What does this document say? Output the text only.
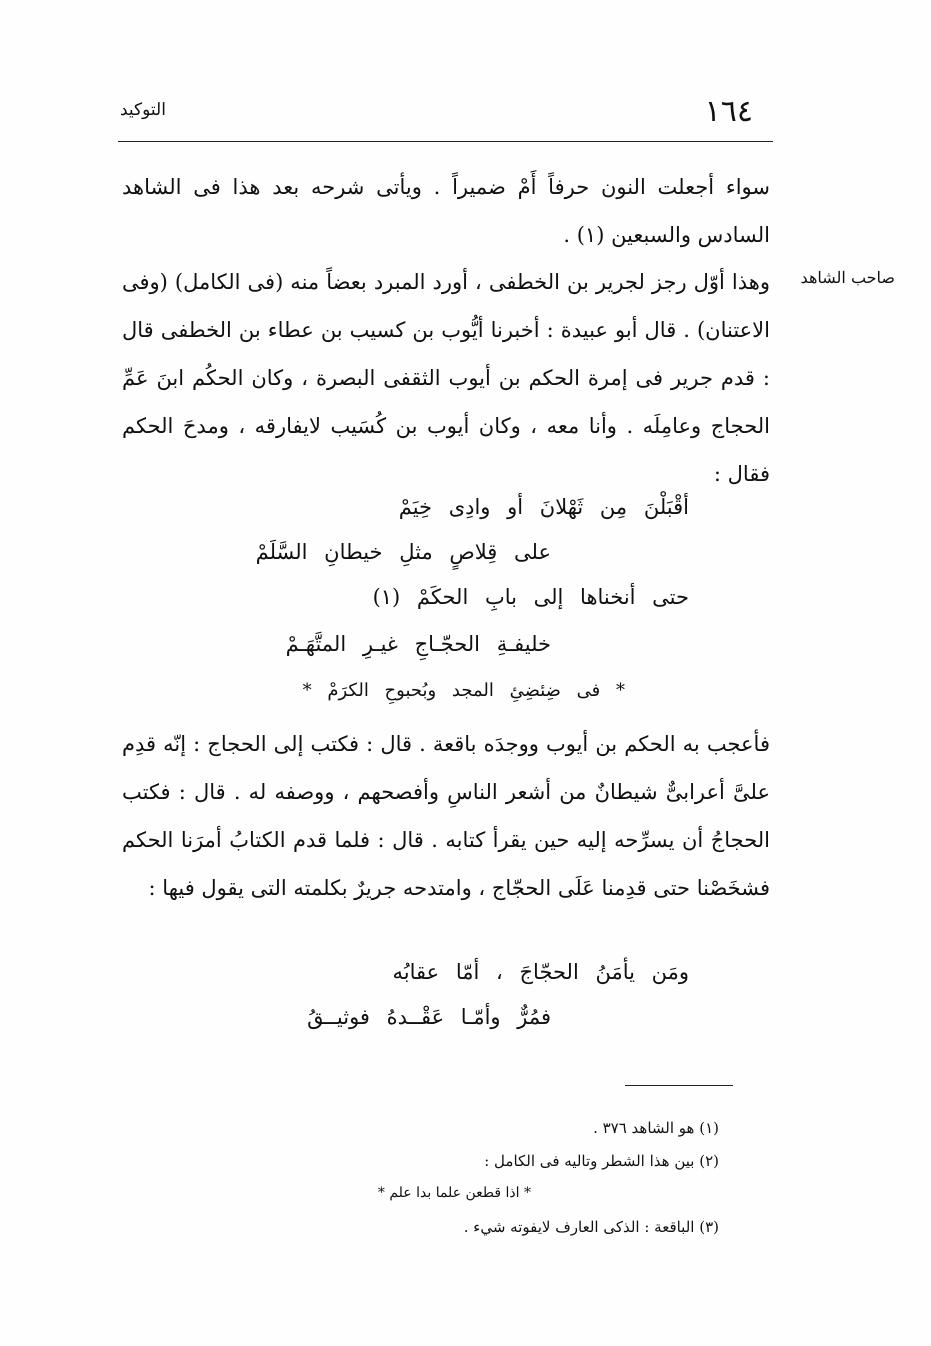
١٦٤
التوكيد
سواء أجعلت النون حرفاً أَمْ ضميراً . ويأتى شرحه بعد هذا فى الشاهد السادس والسبعين (١) .
صاحب الشاهد
وهذا أوّل رجز لجرير بن الخطفى ، أورد المبرد بعضاً منه (فى الكامل) (وفى الاعتنان) . قال أبو عبيدة : أخبرنا أيُّوب بن كسيب بن عطاء بن الخطفى قال : قدم جرير فى إمرة الحكم بن أيوب الثقفى البصرة ، وكان الحكُم ابنَ عَمِّ الحجاج وعامِلَه . وأنا معه ، وكان أيوب بن كُسَيب لايفارقه ، ومدحَ الحكم فقال :
أقْبَلْنَ مِن ثَهْلانَ أو وادِى خِيَمْ
على قِلاصٍ مثلِ خيطانِ السَّلَمْ
حتى أنخناها إلى بابِ الحكَمْ (١)
خليفـةِ الحجّـاجِ غيـرِ المتَّهَـمْ
* فى ضِئضِئِ المجد وبُحبوحِ الكرَمْ *
فأعجب به الحكم بن أيوب ووجدَه باقعة . قال : فكتب إلى الحجاج : إنّه قدِم علىَّ أعرابىٌّ شيطانٌ من أشعر الناسِ وأفصحهم ، ووصفه له . قال : فكتب الحجاجُ أن يسرِّحه إليه حين يقرأ كتابه . قال : فلما قدم الكتابُ أمرَنا الحكم فشخَصْنا حتى قدِمنا عَلَى الحجّاج ، وامتدحه جريرٌ بكلمته التى يقول فيها :
ومَن يأمَنُ الحجّاجَ ، أمّا عقابُه
فمُرٌّ وأمّـا عَقْــدهُ فوثيــقُ
(١) هو الشاهد ٣٧٦ .
(٢) بين هذا الشطر وتاليه فى الكامل :
* اذا قطعن علما بدا علم *
(٣) الباقعة : الذكى العارف لايفوته شيء .
